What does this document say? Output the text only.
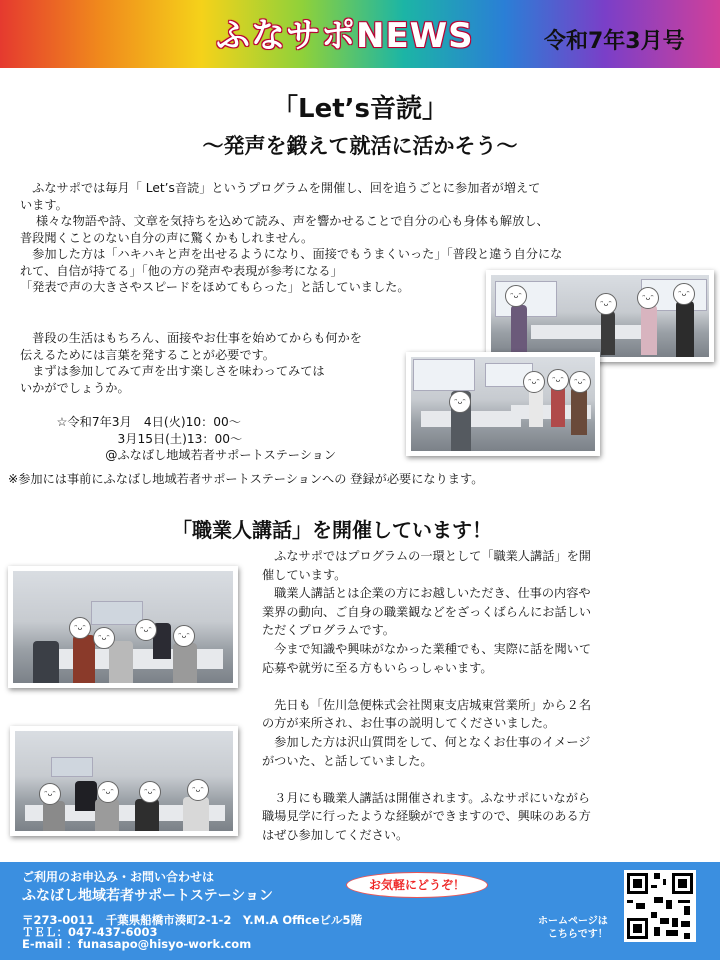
ふなサポNEWS	令和7年3月号
「Let’s音読」
～発声を鍛えて就活に活かそう～
　ふなサポでは毎月「 Let’s音読」というプログラムを開催し、回を追うごとに参加者が増えて
います。
　 様々な物語や詩、文章を気持ちを込めて読み、声を響かせることで自分の心も身体も解放し、
普段聞くことのない自分の声に驚くかもしれません。
　参加した方は「ハキハキと声を出せるようになり、面接でもうまくいった」「普段と違う自分にな
れて、自信が持てる」「他の方の発声や表現が参考になる」
「発表で声の大きさやスピードをほめてもらった」と話していました。
ᵔᴗᵔ
ᵔᴗᵔ
ᵔᴗᵔ	ᵔᴗᵔ
　普段の生活はもちろん、面接やお仕事を始めてからも何かを
伝えるためには言葉を発することが必要です。
　まずは参加してみて声を出す楽しさを味わってみては
いかがでしょうか。
ᵔᴗᵔ
ᵔᴗᵔ	ᵔᴗᵔ	ᵔᴗᵔ
　　　☆令和7年3月　4日(火)10：00～
　　　　　　　　3月15日(土)13：00～
　　　　　　　@ふなばし地域若者サポートステーション
※参加には事前にふなばし地域若者サポートステーションへの 登録が必要になります。
「職業人講話」を開催しています！
ᵔᴗᵔ
ᵔᴗᵔ
ᵔᴗᵔ
ᵔᴗᵔ
ᵔᴗᵔ	ᵔᴗᵔ	ᵔᴗᵔ	ᵔᴗᵔ
　ふなサポではプログラムの一環として「職業人講話」を開
催しています。
　職業人講話とは企業の方にお越しいただき、仕事の内容や
業界の動向、ご自身の職業観などをざっくばらんにお話しい
ただくプログラムです。
　今まで知識や興味がなかった業種でも、実際に話を聞いて
応募や就労に至る方もいらっしゃいます。

　先日も「佐川急便株式会社関東支店城東営業所」から２名
の方が来所され、お仕事の説明してくださいました。
　参加した方は沢山質問をして、何となくお仕事のイメージ
がついた、と話していました。

　３月にも職業人講話は開催されます。ふなサポにいながら
職場見学に行ったような経験ができますので、興味のある方
はぜひ参加してください。
ご利用のお申込み・お問い合わせは
ふなばし地域若者サポートステーション
お気軽にどうぞ！
〒273-0011　千葉県船橋市湊町2-1-2　Y.M.A Officeビル5階
ＴＥＬ：047-437-6003
E-mail ：funasapo@hisyo-work.com
ホームページは
こちらです！
